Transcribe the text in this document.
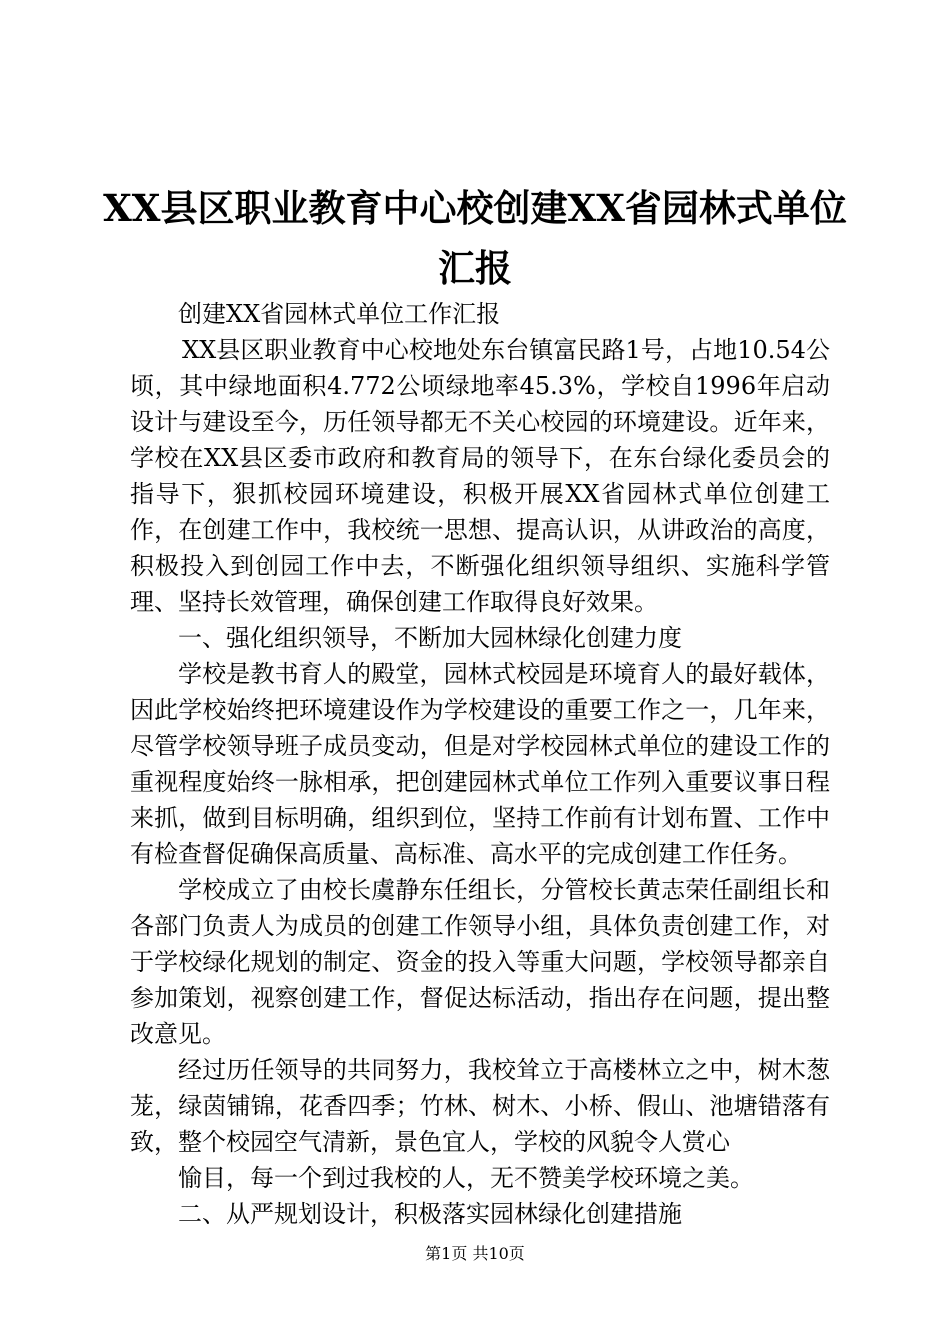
XX县区职业教育中心校创建XX省园林式单位
汇报

创建XX省园林式单位工作汇报

XX县区职业教育中心校地处东台镇富民路1号，占地10.54公顷，其中绿地面积4.772公顷绿地率45.3%，学校自1996年启动设计与建设至今，历任领导都无不关心校园的环境建设。近年来，学校在XX县区委市政府和教育局的领导下，在东台绿化委员会的指导下，狠抓校园环境建设，积极开展XX省园林式单位创建工作，在创建工作中，我校统一思想、提高认识，从讲政治的高度，积极投入到创园工作中去，不断强化组织领导组织、实施科学管理、坚持长效管理，确保创建工作取得良好效果。

一、强化组织领导，不断加大园林绿化创建力度

学校是教书育人的殿堂，园林式校园是环境育人的最好载体，因此学校始终把环境建设作为学校建设的重要工作之一，几年来，尽管学校领导班子成员变动，但是对学校园林式单位的建设工作的重视程度始终一脉相承，把创建园林式单位工作列入重要议事日程来抓，做到目标明确，组织到位，坚持工作前有计划布置、工作中有检查督促确保高质量、高标准、高水平的完成创建工作任务。

学校成立了由校长虞静东任组长，分管校长黄志荣任副组长和各部门负责人为成员的创建工作领导小组，具体负责创建工作，对于学校绿化规划的制定、资金的投入等重大问题，学校领导都亲自参加策划，视察创建工作，督促达标活动，指出存在问题，提出整改意见。

经过历任领导的共同努力，我校耸立于高楼林立之中，树木葱茏，绿茵铺锦，花香四季；竹林、树木、小桥、假山、池塘错落有致，整个校园空气清新，景色宜人，学校的风貌令人赏心

愉目，每一个到过我校的人，无不赞美学校环境之美。

二、从严规划设计，积极落实园林绿化创建措施

第1页 共10页
